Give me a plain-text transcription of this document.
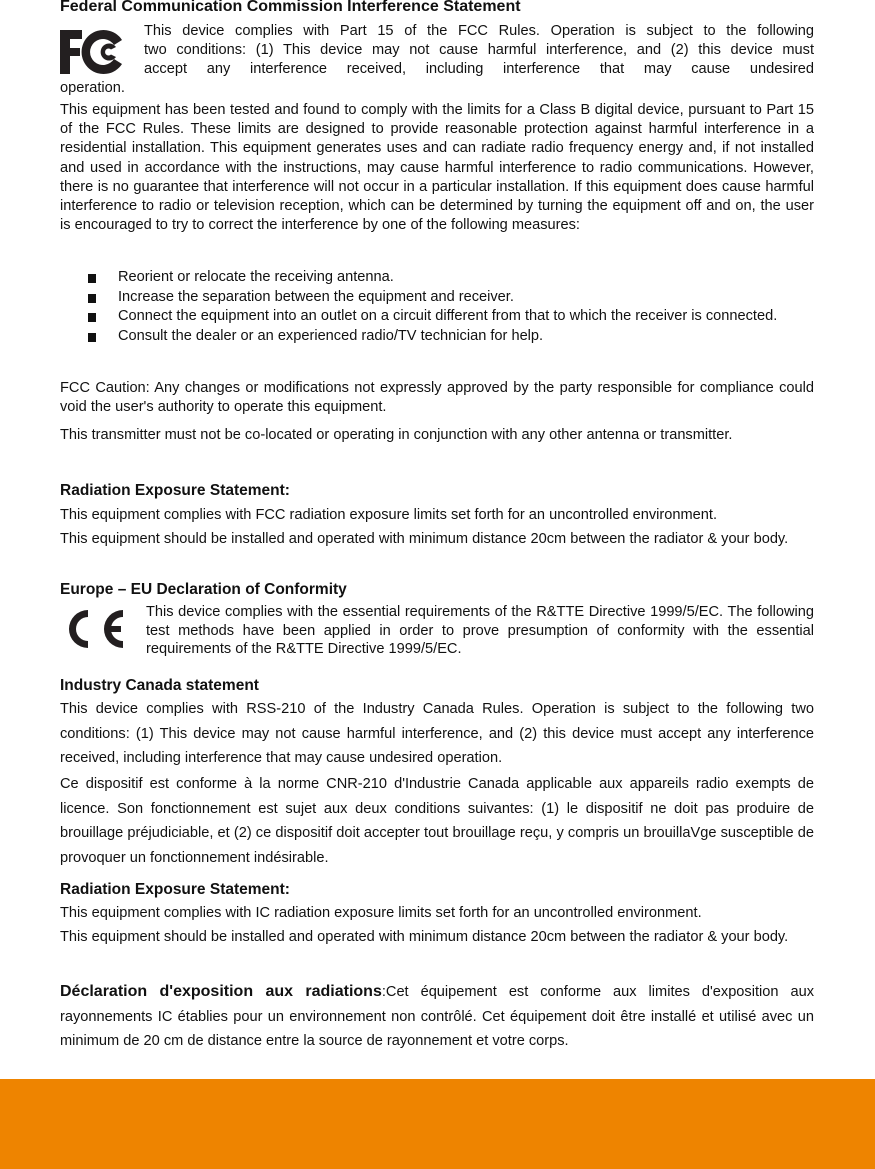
Federal Communication Commission Interference Statement
This device complies with Part 15 of the FCC Rules. Operation is subject to the following
two conditions: (1) This device may not cause harmful interference, and (2) this device must
accept any interference received, including interference that may cause undesired
operation.

This equipment has been tested and found to comply with the limits for a Class B digital device, pursuant to Part 15 of the FCC Rules. These limits are designed to provide reasonable protection against harmful interference in a residential installation. This equipment generates uses and can radiate radio frequency energy and, if not installed and used in accordance with the instructions, may cause harmful interference to radio communications. However, there is no guarantee that interference will not occur in a particular installation. If this equipment does cause harmful interference to radio or television reception, which can be determined by turning the equipment off and on, the user is encouraged to try to correct the interference by one of the following measures:

Reorient or relocate the receiving antenna.
Increase the separation between the equipment and receiver.
Connect the equipment into an outlet on a circuit different from that to which the receiver is connected.
Consult the dealer or an experienced radio/TV technician for help.

FCC Caution: Any changes or modifications not expressly approved by the party responsible for compliance could void the user's authority to operate this equipment.

This transmitter must not be co-located or operating in conjunction with any other antenna or transmitter.

Radiation Exposure Statement:

This equipment complies with FCC radiation exposure limits set forth for an uncontrolled environment.

This equipment should be installed and operated with minimum distance 20cm between the radiator & your body.

Europe – EU Declaration of Conformity

This device complies with the essential requirements of the R&TTE Directive 1999/5/EC. The following test methods have been applied in order to prove presumption of conformity with the essential requirements of the R&TTE Directive 1999/5/EC.

Industry Canada statement

This device complies with RSS-210 of the Industry Canada Rules. Operation is subject to the following two conditions: (1) This device may not cause harmful interference, and (2) this device must accept any interference received, including interference that may cause undesired operation.

Ce dispositif est conforme à la norme CNR-210 d'Industrie Canada applicable aux appareils radio exempts de licence. Son fonctionnement est sujet aux deux conditions suivantes: (1) le dispositif ne doit pas produire de brouillage préjudiciable, et (2) ce dispositif doit accepter tout brouillage reçu, y compris un brouillaVge susceptible de provoquer un fonctionnement indésirable.

Radiation Exposure Statement:

This equipment complies with IC radiation exposure limits set forth for an uncontrolled environment.

This equipment should be installed and operated with minimum distance 20cm between the radiator & your body.

Déclaration d'exposition aux radiations:Cet équipement est conforme aux limites d'exposition aux rayonnements IC établies pour un environnement non contrôlé. Cet équipement doit être installé et utilisé avec un minimum de 20 cm de distance entre la source de rayonnement et votre corps.
